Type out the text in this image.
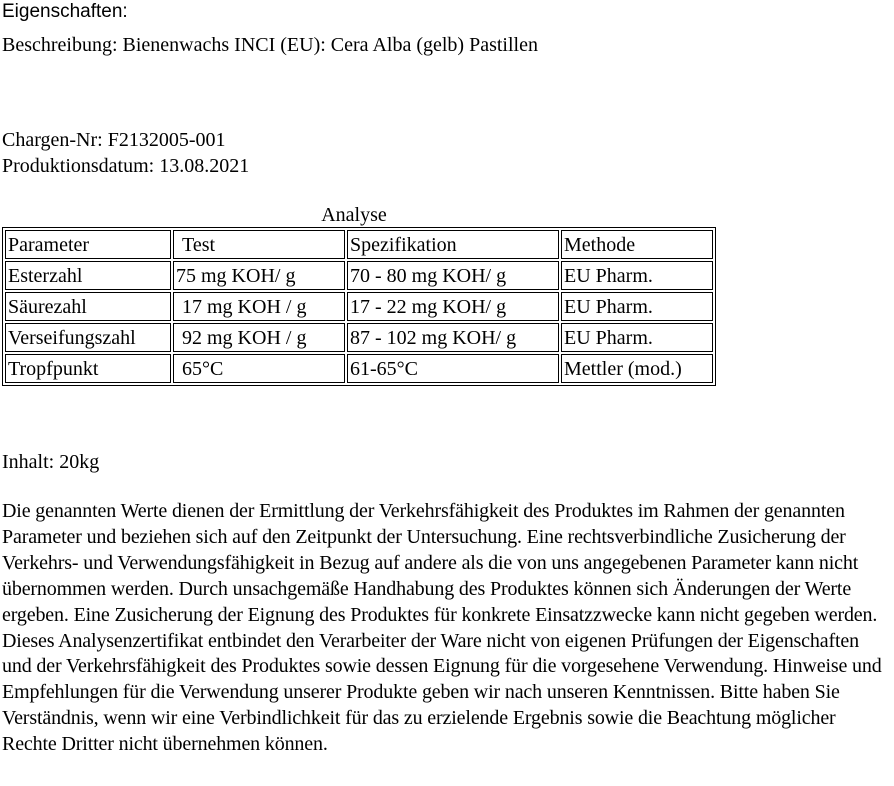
Eigenschaften:
Beschreibung: Bienenwachs INCI (EU): Cera Alba (gelb) Pastillen
Chargen-Nr: F2132005-001
Produktionsdatum: 13.08.2021
Analyse
Parameter	Test	Spezifikation	Methode
Esterzahl	75 mg KOH/ g	70 - 80 mg KOH/ g	EU Pharm.
Säurezahl	17 mg KOH / g	17 - 22 mg KOH/ g	EU Pharm.
Verseifungszahl	92 mg KOH / g	87 - 102 mg KOH/ g	EU Pharm.
Tropfpunkt	65°C	61-65°C	Mettler (mod.)
Inhalt: 20kg

Die genannten Werte dienen der Ermittlung der Verkehrsfähigkeit des Produktes im Rahmen der genannten Parameter und beziehen sich auf den Zeitpunkt der Untersuchung. Eine rechtsverbindliche Zusicherung der Verkehrs- und Verwendungsfähigkeit in Bezug auf andere als die von uns angegebenen Parameter kann nicht übernommen werden. Durch unsachgemäße Handhabung des Produktes können sich Änderungen der Werte ergeben. Eine Zusicherung der Eignung des Produktes für konkrete Einsatzzwecke kann nicht gegeben werden. Dieses Analysenzertifikat entbindet den Verarbeiter der Ware nicht von eigenen Prüfungen der Eigenschaften und der Verkehrsfähigkeit des Produktes sowie dessen Eignung für die vorgesehene Verwendung. Hinweise und Empfehlungen für die Verwendung unserer Produkte geben wir nach unseren Kenntnissen. Bitte haben Sie Verständnis, wenn wir eine Verbindlichkeit für das zu erzielende Ergebnis sowie die Beachtung möglicher Rechte Dritter nicht übernehmen können.
